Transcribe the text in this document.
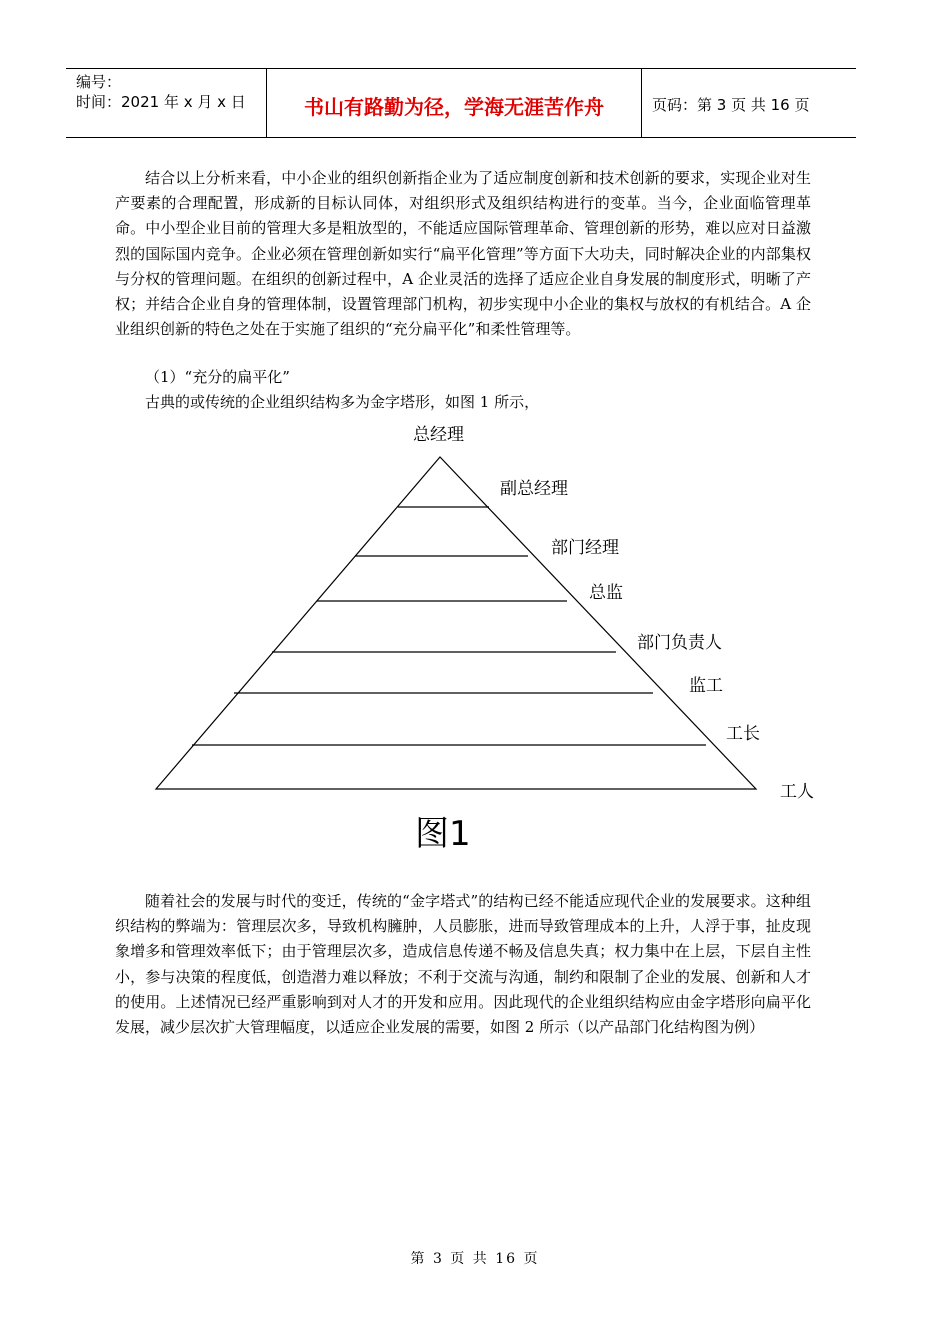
编号：
时间：2021 年 x 月 x 日	书山有路勤为径，学海无涯苦作舟	页码：第 3 页 共 16 页

结合以上分析来看，中小企业的组织创新指企业为了适应制度创新和技术创新的要求，实现企业对生产要素的合理配置，形成新的目标认同体，对组织形式及组织结构进行的变革。当今，企业面临管理革命。中小型企业目前的管理大多是粗放型的，不能适应国际管理革命、管理创新的形势，难以应对日益激烈的国际国内竞争。企业必须在管理创新如实行“扁平化管理”等方面下大功夫，同时解决企业的内部集权与分权的管理问题。在组织的创新过程中，A 企业灵活的选择了适应企业自身发展的制度形式，明晰了产权；并结合企业自身的管理体制，设置管理部门机构，初步实现中小企业的集权与放权的有机结合。A 企业组织创新的特色之处在于实施了组织的“充分扁平化”和柔性管理等。

（1）“充分的扁平化”
古典的或传统的企业组织结构多为金字塔形，如图 1 所示，
总经理
副总经理
部门经理
总监
部门负责人
监工
工长
工人
图1

随着社会的发展与时代的变迁，传统的“金字塔式”的结构已经不能适应现代企业的发展要求。这种组织结构的弊端为：管理层次多，导致机构臃肿，人员膨胀，进而导致管理成本的上升，人浮于事，扯皮现象增多和管理效率低下；由于管理层次多，造成信息传递不畅及信息失真；权力集中在上层，下层自主性小，参与决策的程度低，创造潜力难以释放；不利于交流与沟通，制约和限制了企业的发展、创新和人才的使用。上述情况已经严重影响到对人才的开发和应用。因此现代的企业组织结构应由金字塔形向扁平化发展，减少层次扩大管理幅度，以适应企业发展的需要，如图 2 所示（以产品部门化结构图为例）

第 3 页 共 16 页
